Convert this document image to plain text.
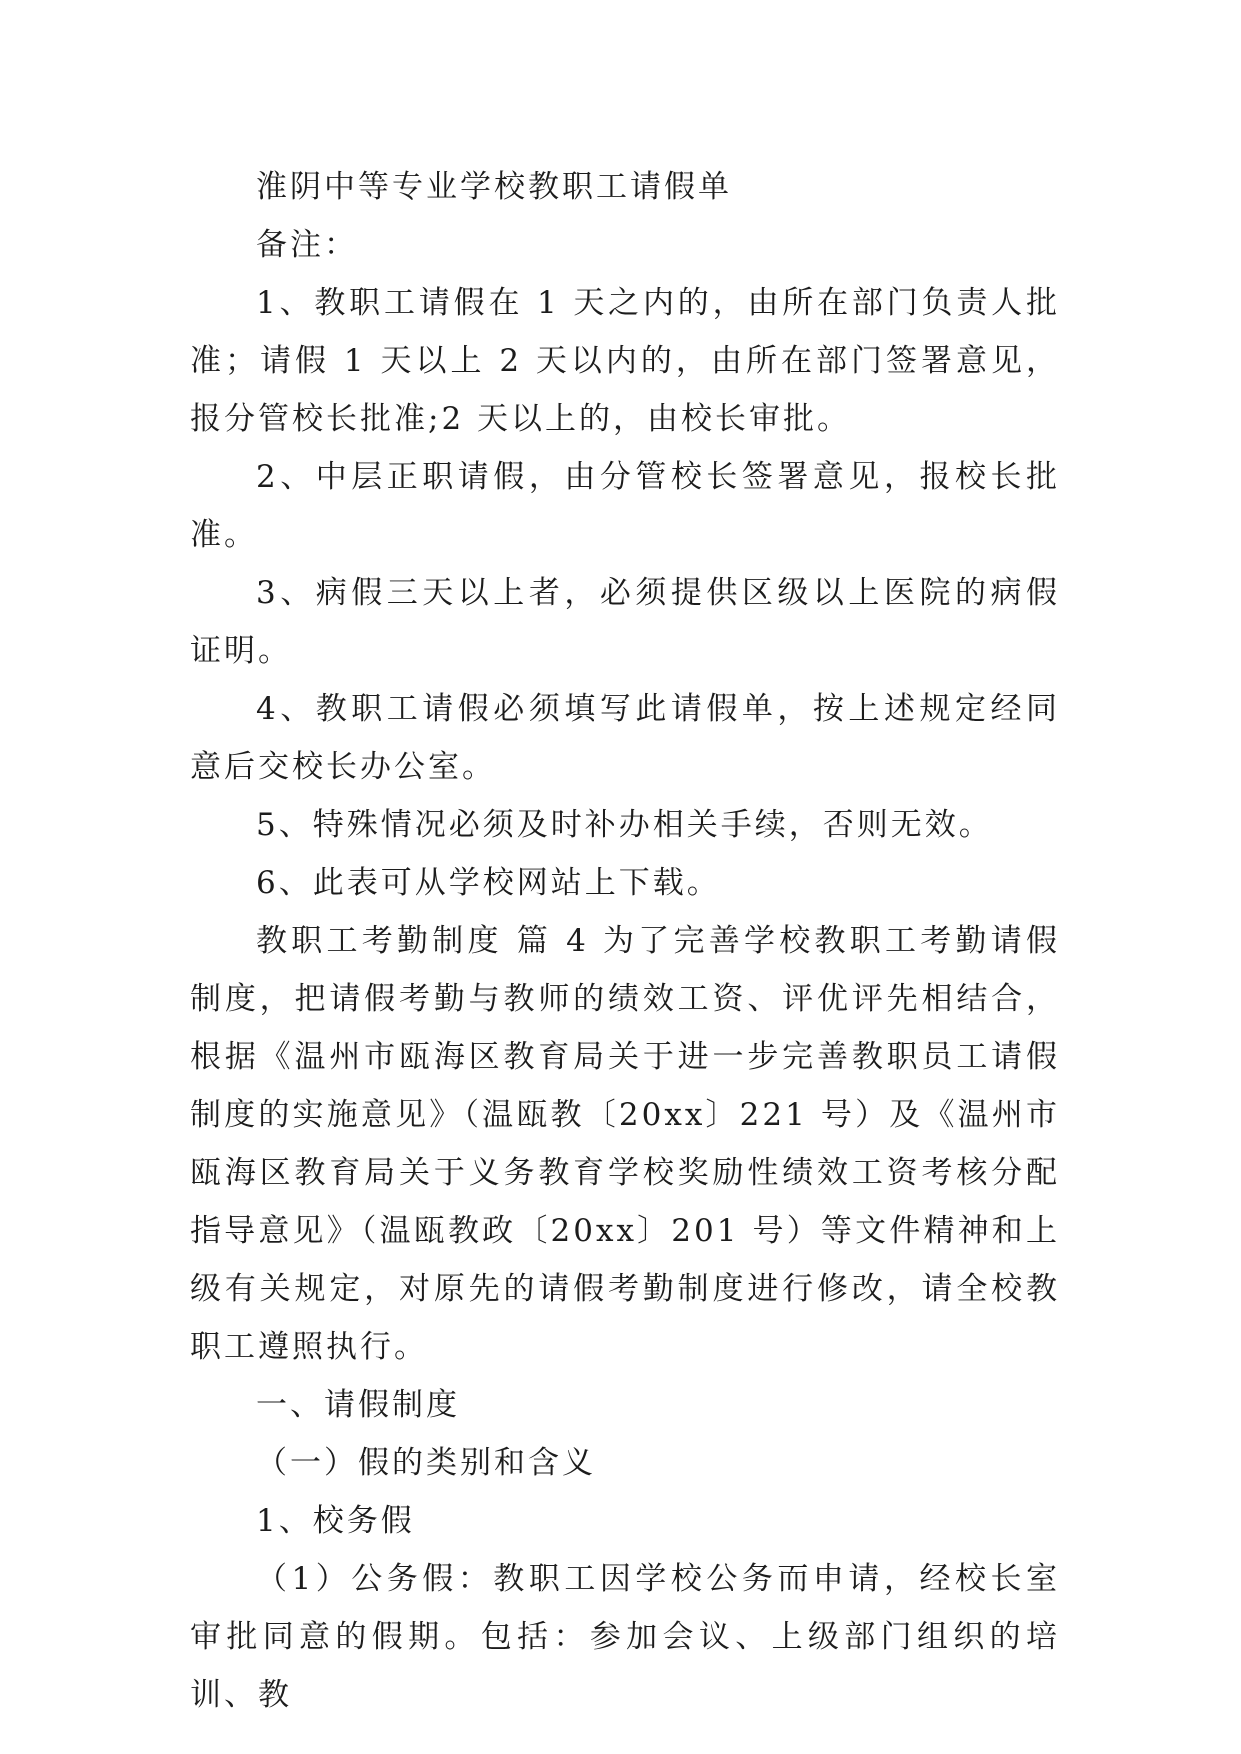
淮阴中等专业学校教职工请假单

备注：

1、教职工请假在 1 天之内的，由所在部门负责人批准；请假 1 天以上 2 天以内的，由所在部门签署意见，报分管校长批准;2 天以上的，由校长审批。

2、中层正职请假，由分管校长签署意见，报校长批准。

3、病假三天以上者，必须提供区级以上医院的病假证明。

4、教职工请假必须填写此请假单，按上述规定经同意后交校长办公室。

5、特殊情况必须及时补办相关手续，否则无效。

6、此表可从学校网站上下载。

教职工考勤制度 篇 4 为了完善学校教职工考勤请假制度，把请假考勤与教师的绩效工资、评优评先相结合，根据《温州市瓯海区教育局关于进一步完善教职员工请假制度的实施意见》（温瓯教〔20xx〕221 号）及《温州市瓯海区教育局关于义务教育学校奖励性绩效工资考核分配指导意见》（温瓯教政〔20xx〕201 号）等文件精神和上级有关规定，对原先的请假考勤制度进行修改，请全校教职工遵照执行。

一、请假制度

（一）假的类别和含义

1、校务假

（1）公务假：教职工因学校公务而申请，经校长室审批同意的假期。包括：参加会议、上级部门组织的培训、教
